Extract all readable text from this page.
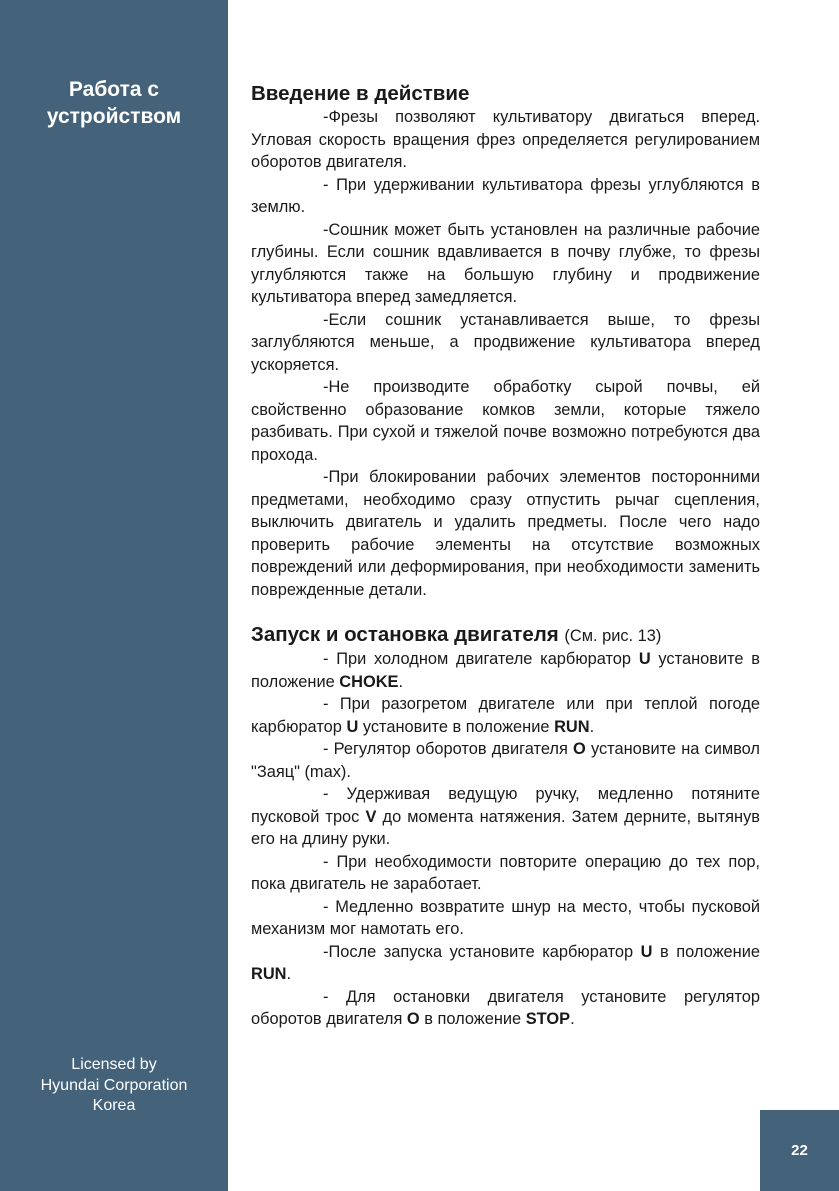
Работа с
устройством
Licensed by
Hyundai Corporation
Korea
22
Введение в действие

-Фрезы позволяют культиватору двигаться вперед. Угловая скорость вращения фрез определяется регулированием оборотов двигателя.

- При удерживании культиватора фрезы углубляются в землю.

-Сошник может быть установлен на различные рабочие глубины. Если сошник вдавливается в почву глубже, то фрезы углубляются также на большую глубину и продвижение культиватора вперед замедляется.

-Если сошник устанавливается выше, то фрезы заглубляются меньше, а продвижение культиватора вперед ускоряется.

-Не производите обработку сырой почвы, ей свойственно образование комков земли, которые тяжело разбивать. При сухой и тяжелой почве возможно потребуются два прохода.

-При блокировании рабочих элементов посторонними предметами, необходимо сразу отпустить рычаг сцепления, выключить двигатель и удалить предметы. После чего надо проверить рабочие элементы на отсутствие возможных повреждений или деформирования, при необходимости заменить поврежденные детали.

Запуск и остановка двигателя (См. рис. 13)

- При холодном двигателе карбюратор U установите в положение CHOKE.

- При разогретом двигателе или при теплой погоде карбюратор U установите в положение RUN.

- Регулятор оборотов двигателя O установите на символ "Заяц" (max).

- Удерживая ведущую ручку, медленно потяните пусковой трос V до момента натяжения. Затем дерните, вытянув его на длину руки.

- При необходимости повторите операцию до тех пор, пока двигатель не заработает.

- Медленно возвратите шнур на место, чтобы пусковой механизм мог намотать его.

-После запуска установите карбюратор U в положение RUN.

- Для остановки двигателя установите регулятор оборотов двигателя O в положение STOP.
